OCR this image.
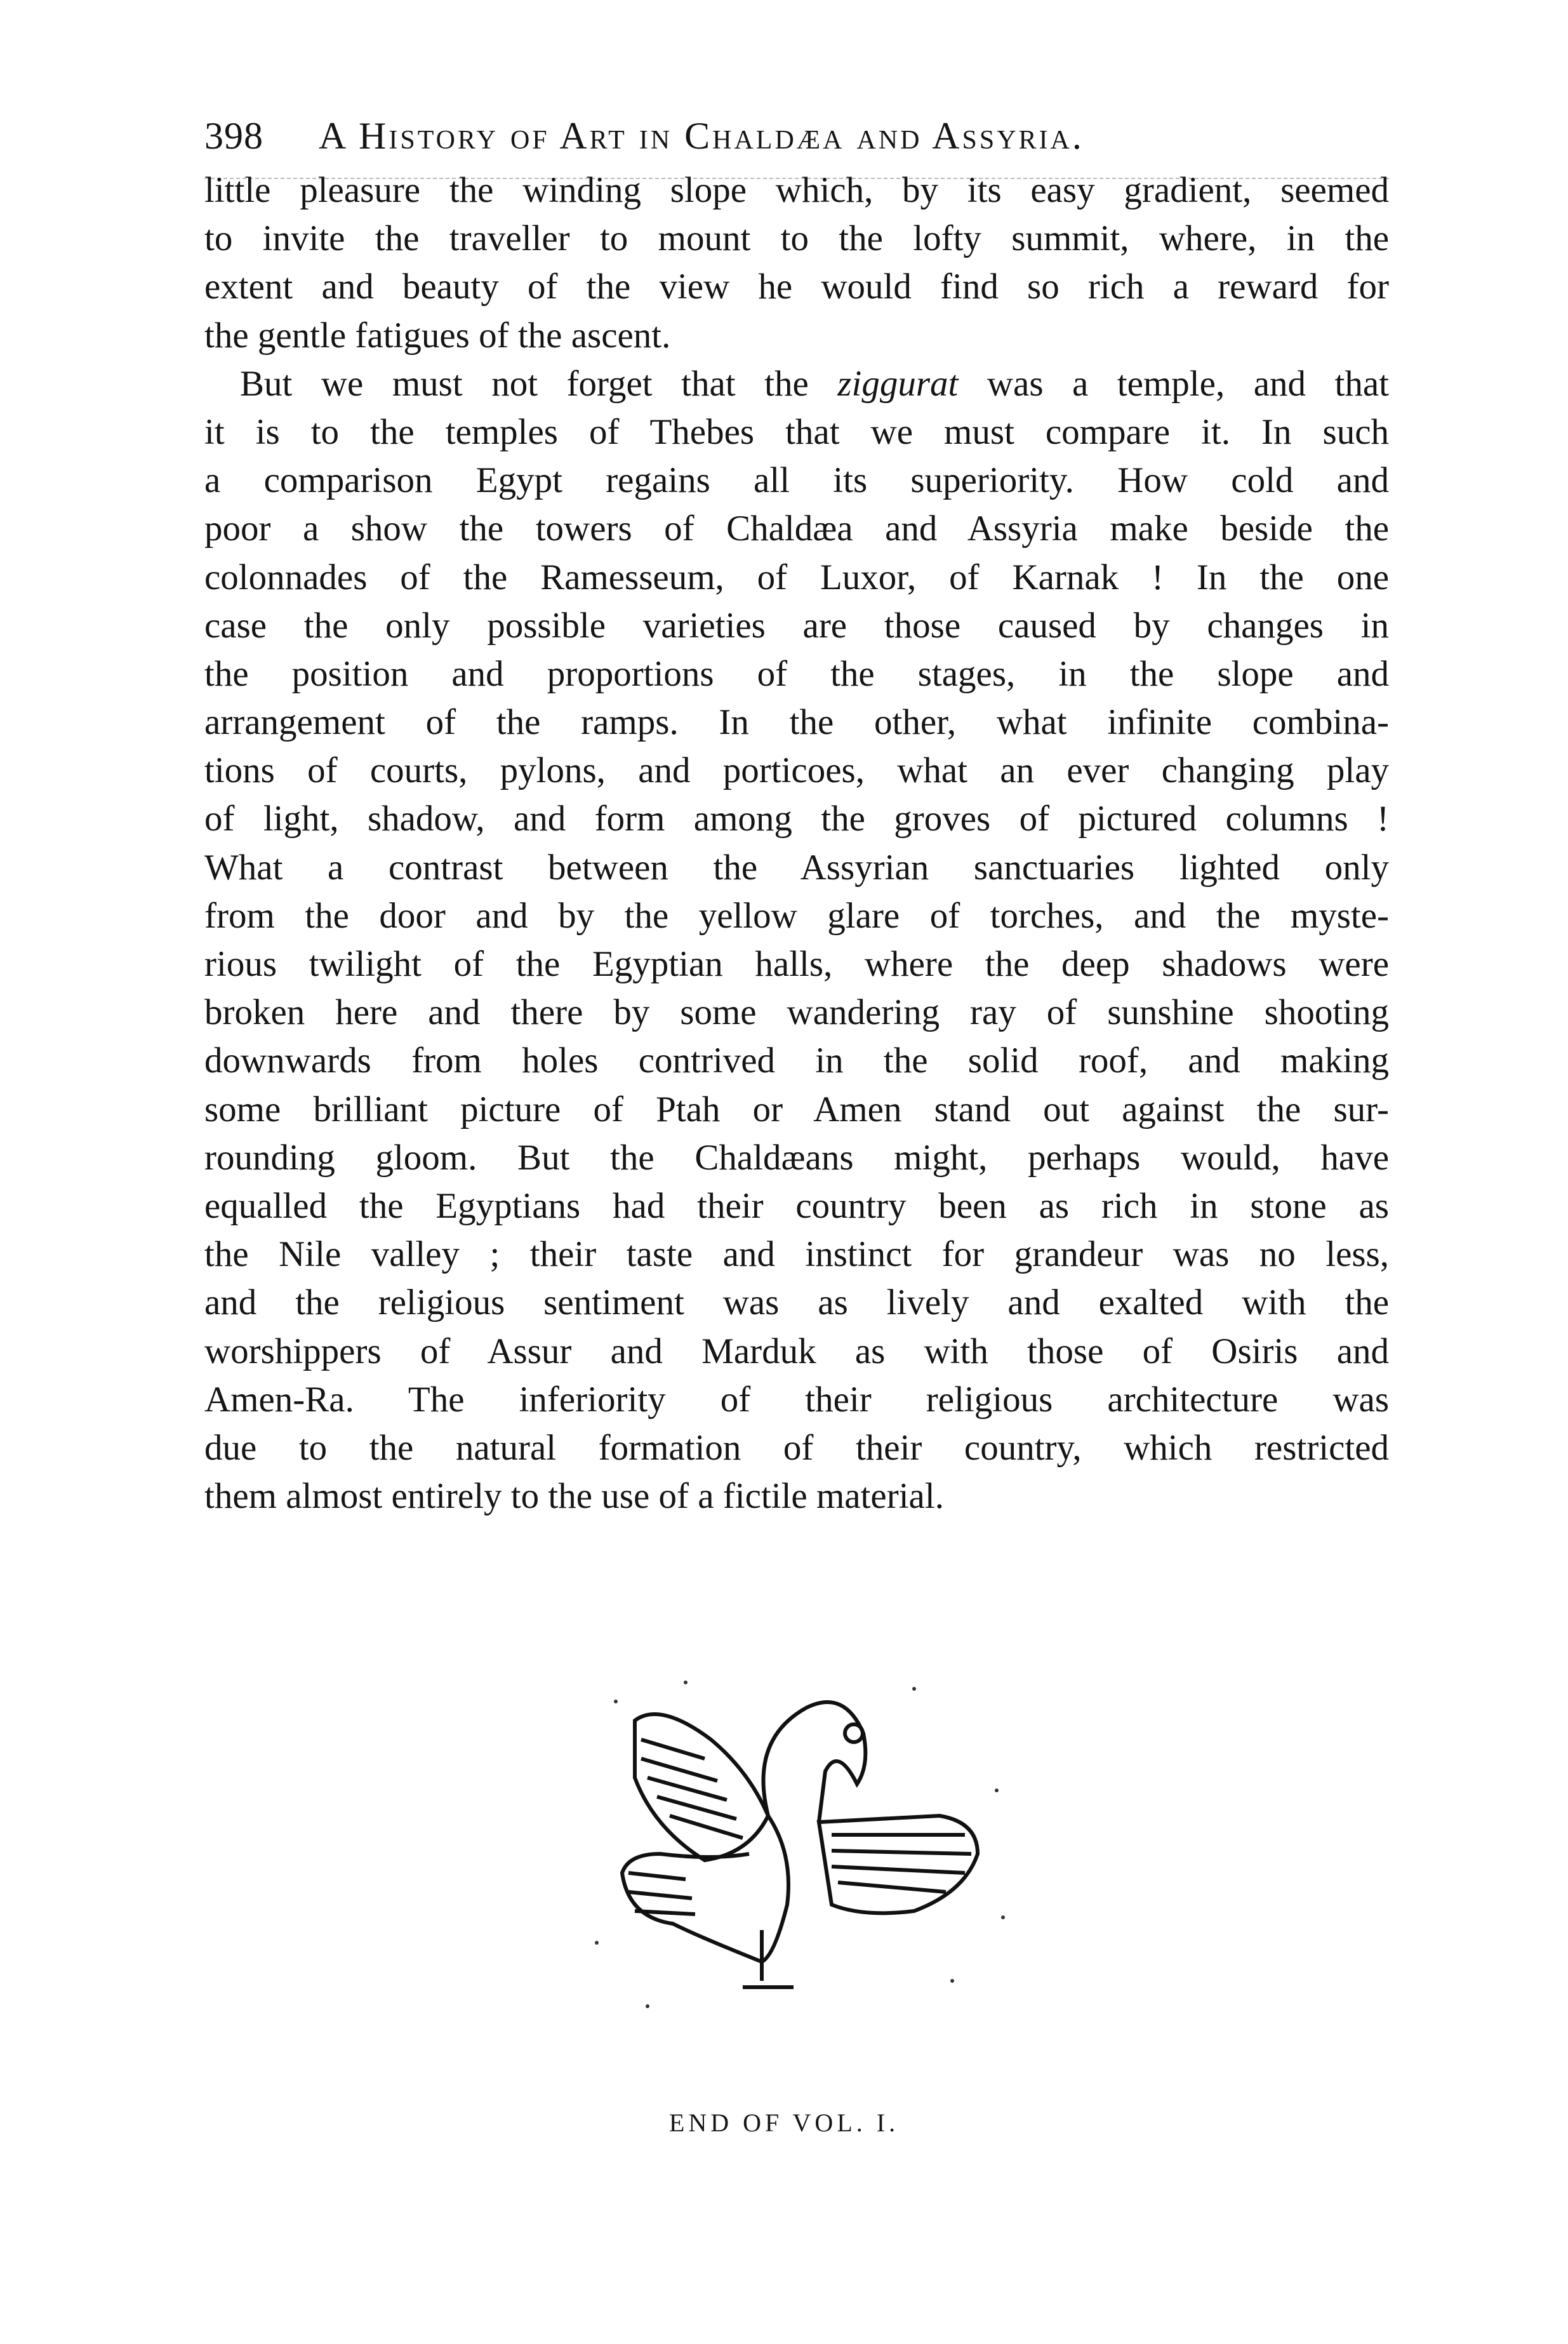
398 A History of Art in Chaldæa and Assyria.
little pleasure the winding slope which, by its easy gradient, seemed
to invite the traveller to mount to the lofty summit, where, in the
extent and beauty of the view he would find so rich a reward for
the gentle fatigues of the ascent.
But we must not forget that the ziggurat was a temple, and that
it is to the temples of Thebes that we must compare it. In such
a comparison Egypt regains all its superiority. How cold and
poor a show the towers of Chaldæa and Assyria make beside the
colonnades of the Ramesseum, of Luxor, of Karnak ! In the one
case the only possible varieties are those caused by changes in
the position and proportions of the stages, in the slope and
arrangement of the ramps. In the other, what infinite combina-
tions of courts, pylons, and porticoes, what an ever changing play
of light, shadow, and form among the groves of pictured columns !
What a contrast between the Assyrian sanctuaries lighted only
from the door and by the yellow glare of torches, and the myste-
rious twilight of the Egyptian halls, where the deep shadows were
broken here and there by some wandering ray of sunshine shooting
downwards from holes contrived in the solid roof, and making
some brilliant picture of Ptah or Amen stand out against the sur-
rounding gloom. But the Chaldæans might, perhaps would, have
equalled the Egyptians had their country been as rich in stone as
the Nile valley ; their taste and instinct for grandeur was no less,
and the religious sentiment was as lively and exalted with the
worshippers of Assur and Marduk as with those of Osiris and
Amen-Ra. The inferiority of their religious architecture was
due to the natural formation of their country, which restricted
them almost entirely to the use of a fictile material.
END OF VOL. I.
